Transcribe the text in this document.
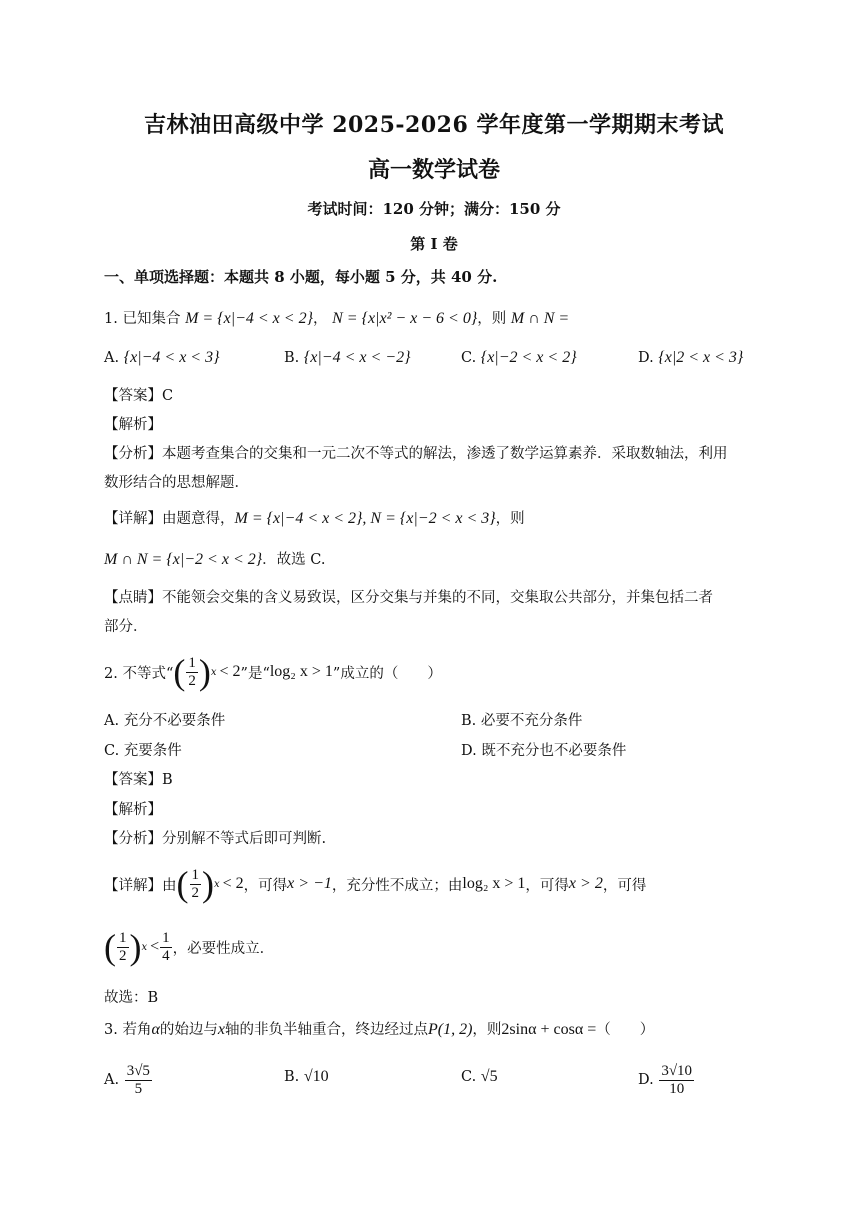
吉林油田高级中学 2025-2026 学年度第一学期期末考试
高一数学试卷
考试时间：120 分钟；满分：150 分
第 I 卷
一、单项选择题：本题共 8 小题，每小题 5 分，共 40 分.
1. 已知集合 M = {x|−4 < x < 2}， N = {x|x² − x − 6 < 0}，则 M ∩ N =
A. {x|−4 < x < 3}	B. {x|−4 < x < −2}	C. {x|−2 < x < 2}	D. {x|2 < x < 3}
【答案】C
【解析】
【分析】本题考查集合的交集和一元二次不等式的解法，渗透了数学运算素养．采取数轴法，利用
数形结合的思想解题．
【详解】由题意得，M = {x|−4 < x < 2}, N = {x|−2 < x < 3}，则
M ∩ N = {x|−2 < x < 2}．故选 C.
【点睛】不能领会交集的含义易致误，区分交集与并集的不同，交集取公共部分，并集包括二者
部分．
2. 不等式“ ( $\frac{1}{2}$ ) x < 2 ”是“ log₂ x > 1 ”成立的（　　）
A. 充分不必要条件	B. 必要不充分条件
C. 充要条件	D. 既不充分也不必要条件
【答案】B
【解析】
【分析】分别解不等式后即可判断.
【详解】由 ( $\frac{1}{2}$ ) x < 2 ，可得 x > −1 ，充分性不成立；由 log₂ x > 1 ，可得 x > 2 ，可得
( $\frac{1}{2}$ ) $x < \frac{1}{4}$ ，必要性成立．
故选：B
3. 若角α的始边与x轴的非负半轴重合，终边经过点P(1, 2)，则2sinα + cosα =（　　）
A.
$\frac{3√5}{5}$	B. √10	C. √5	D.
$\frac{3√10}{10}$
